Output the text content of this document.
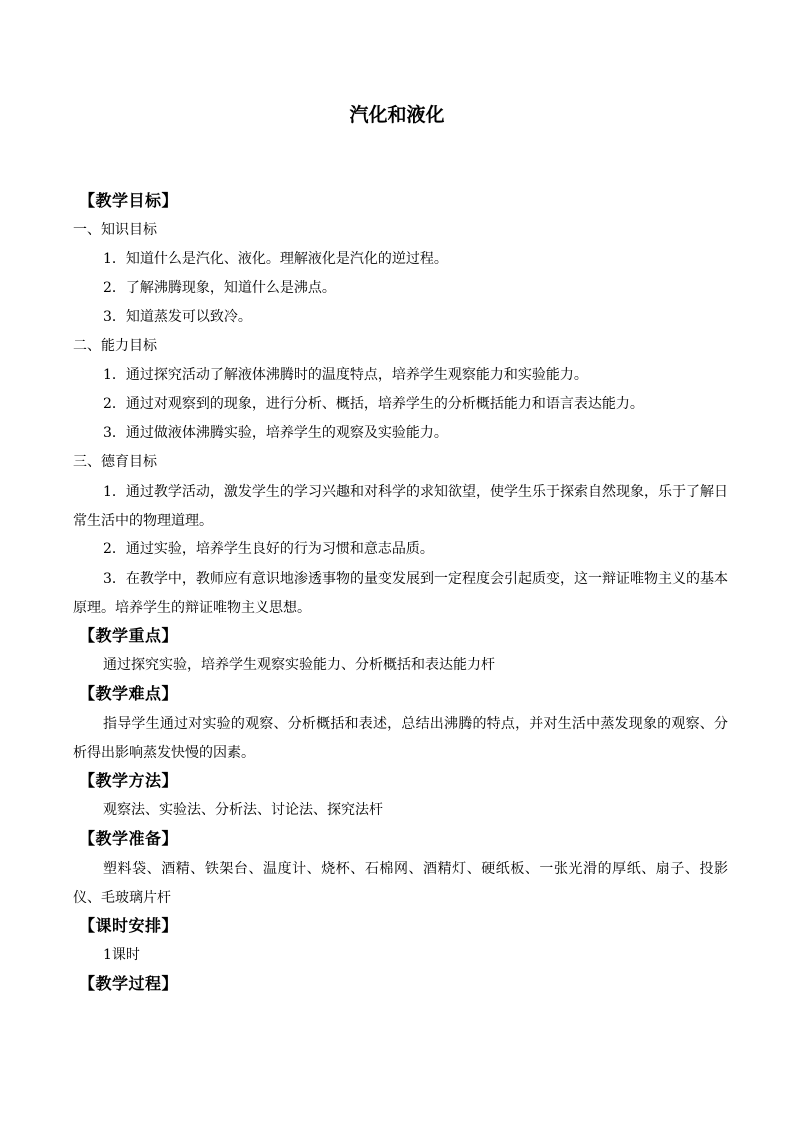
汽化和液化
【教学目标】
一、知识目标
1．知道什么是汽化、液化。理解液化是汽化的逆过程。
2．了解沸腾现象，知道什么是沸点。
3．知道蒸发可以致冷。
二、能力目标
1．通过探究活动了解液体沸腾时的温度特点，培养学生观察能力和实验能力。
2．通过对观察到的现象，进行分析、概括，培养学生的分析概括能力和语言表达能力。
3．通过做液体沸腾实验，培养学生的观察及实验能力。
三、德育目标
1．通过教学活动，激发学生的学习兴趣和对科学的求知欲望，使学生乐于探索自然现象，乐于了解日常生活中的物理道理。
2．通过实验，培养学生良好的行为习惯和意志品质。
3．在教学中，教师应有意识地渗透事物的量变发展到一定程度会引起质变，这一辩证唯物主义的基本原理。培养学生的辩证唯物主义思想。
【教学重点】
通过探究实验，培养学生观察实验能力、分析概括和表达能力杆
【教学难点】
指导学生通过对实验的观察、分析概括和表述，总结出沸腾的特点，并对生活中蒸发现象的观察、分析得出影响蒸发快慢的因素。
【教学方法】
观察法、实验法、分析法、讨论法、探究法杆
【教学准备】
塑料袋、酒精、铁架台、温度计、烧杯、石棉网、酒精灯、硬纸板、一张光滑的厚纸、扇子、投影仪、毛玻璃片杆
【课时安排】
1课时
【教学过程】
